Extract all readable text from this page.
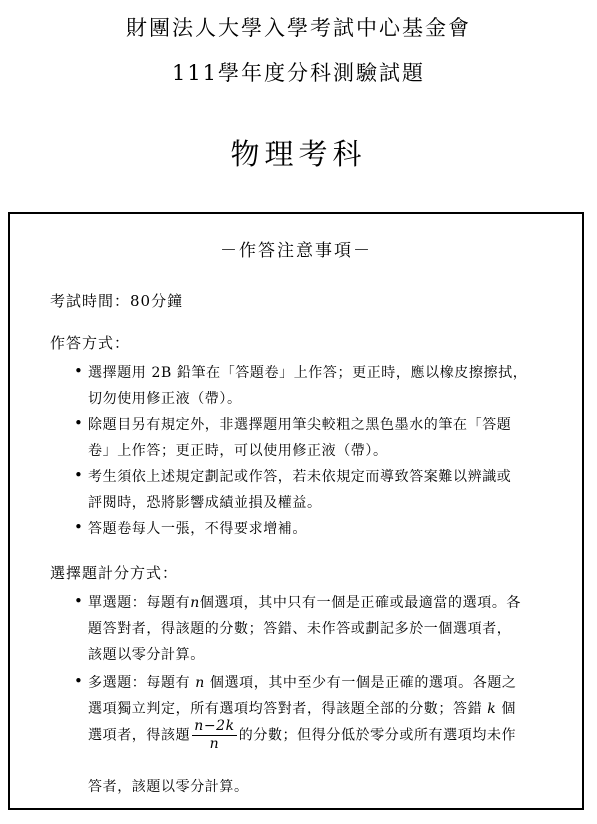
財團法人大學入學考試中心基金會
111學年度分科測驗試題
物理考科
－作答注意事項－
考試時間：80分鐘
作答方式：
• 選擇題用 2B 鉛筆在「答題卷」上作答；更正時，應以橡皮擦擦拭，
切勿使用修正液（帶）。
• 除題目另有規定外，非選擇題用筆尖較粗之黑色墨水的筆在「答題
卷」上作答；更正時，可以使用修正液（帶）。
• 考生須依上述規定劃記或作答，若未依規定而導致答案難以辨識或
評閱時，恐將影響成績並損及權益。
• 答題卷每人一張，不得要求增補。
選擇題計分方式：
• 單選題：每題有n個選項，其中只有一個是正確或最適當的選項。各
題答對者，得該題的分數；答錯、未作答或劃記多於一個選項者，
該題以零分計算。
• 多選題：每題有 n 個選項，其中至少有一個是正確的選項。各題之
選項獨立判定，所有選項均答對者，得該題全部的分數；答錯 k 個
選項者，得該題 $\frac{n-2k}{n}$ 的分數；但得分低於零分或所有選項均未作
答者，該題以零分計算。
